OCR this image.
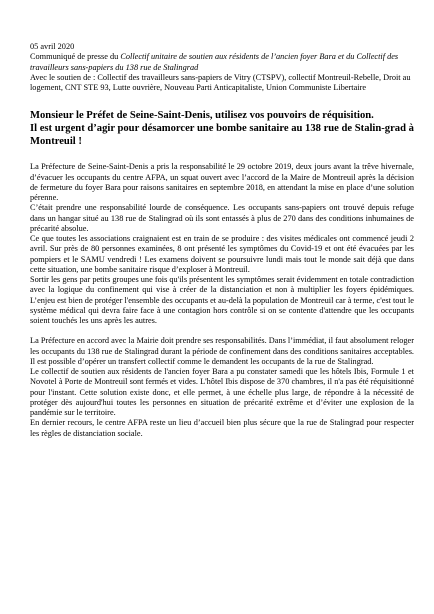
05 avril 2020

Communiqué de presse du Collectif unitaire de soutien aux résidents de l’ancien foyer Bara et du Collectif des travailleurs sans-papiers du 138 rue de Stalingrad

Avec le soutien de : Collectif des travailleurs sans-papiers de Vitry (CTSPV), collectif Montreuil-Rebelle, Droit au logement, CNT STE 93, Lutte ouvrière, Nouveau Parti Anticapitaliste, Union Communiste Libertaire

Monsieur le Préfet de Seine-Saint-Denis, utilisez vos pouvoirs de réquisition.

Il est urgent d’agir pour désamorcer une bombe sanitaire au 138 rue de Stalin-grad à Montreuil !

La Préfecture de Seine-Saint-Denis a pris la responsabilité le 29 octobre 2019, deux jours avant la trêve hivernale, d’évacuer les occupants du centre AFPA, un squat ouvert avec l’accord de la Maire de Montreuil après la décision de fermeture du foyer Bara pour raisons sanitaires en septembre 2018, en attendant la mise en place d’une solution pérenne.

C’était prendre une responsabilité lourde de conséquence. Les occupants sans-papiers ont trouvé depuis refuge dans un hangar situé au 138 rue de Stalingrad où ils sont entassés à plus de 270 dans des conditions inhumaines de précarité absolue.

Ce que toutes les associations craignaient est en train de se produire : des visites médicales ont commencé jeudi 2 avril. Sur près de 80 personnes examinées, 8 ont présenté les symptômes du Covid-19 et ont été évacuées par les pompiers et le SAMU vendredi ! Les examens doivent se poursuivre lundi mais tout le monde sait déjà que dans cette situation, une bombe sanitaire risque d’exploser à Montreuil.

Sortir les gens par petits groupes une fois qu'ils présentent les symptômes serait évidemment en totale contradiction avec la logique du confinement qui vise à créer de la distanciation et non à multiplier les foyers épidémiques. L’enjeu est bien de protéger l'ensemble des occupants et au-delà la population de Montreuil car à terme, c'est tout le système médical qui devra faire face à une contagion hors contrôle si on se contente d'attendre que les occupants soient touchés les uns après les autres.

La Préfecture en accord avec la Mairie doit prendre ses responsabilités. Dans l’immédiat, il faut absolument reloger les occupants du 138 rue de Stalingrad durant la période de confinement dans des conditions sanitaires acceptables. Il est possible d’opérer un transfert collectif comme le demandent les occupants de la rue de Stalingrad.

Le collectif de soutien aux résidents de l'ancien foyer Bara a pu constater samedi que les hôtels Ibis, Formule 1 et Novotel à Porte de Montreuil sont fermés et vides. L'hôtel Ibis dispose de 370 chambres, il n'a pas été réquisitionné pour l'instant. Cette solution existe donc, et elle permet, à une échelle plus large, de répondre à la nécessité de protéger dès aujourd'hui toutes les personnes en situation de précarité extrême et d’éviter une explosion de la pandémie sur le territoire.

En dernier recours, le centre AFPA reste un lieu d’accueil bien plus sécure que la rue de Stalingrad pour respecter les règles de distanciation sociale.
